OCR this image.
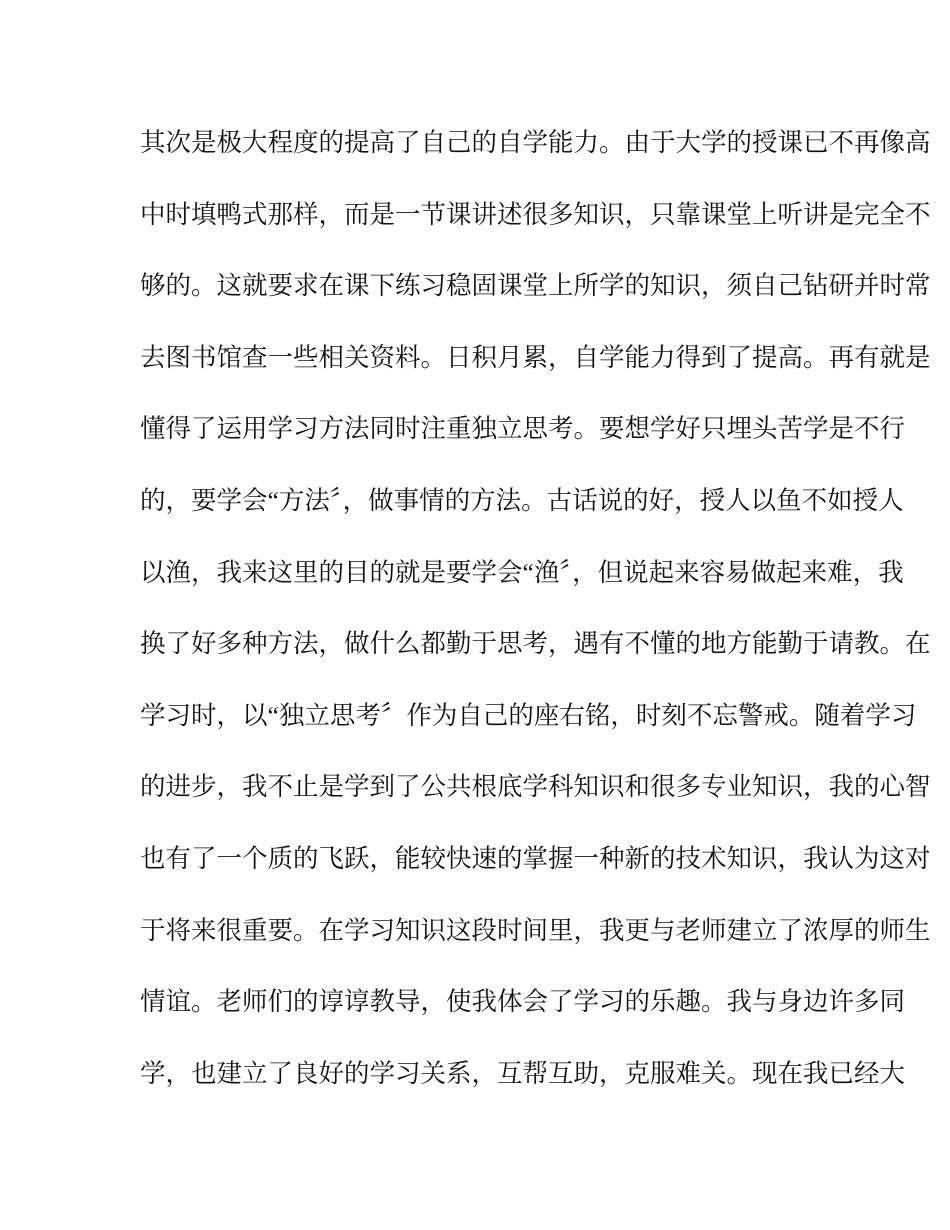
其次是极大程度的提高了自己的自学能力。由于大学的授课已不再像高
中时填鸭式那样，而是一节课讲述很多知识，只靠课堂上听讲是完全不
够的。这就要求在课下练习稳固课堂上所学的知识，须自己钻研并时常
去图书馆查一些相关资料。日积月累，自学能力得到了提高。再有就是
懂得了运用学习方法同时注重独立思考。要想学好只埋头苦学是不行
的，要学会“方法〞，做事情的方法。古话说的好，授人以鱼不如授人
以渔，我来这里的目的就是要学会“渔〞，但说起来容易做起来难，我
换了好多种方法，做什么都勤于思考，遇有不懂的地方能勤于请教。在
学习时，以“独立思考〞作为自己的座右铭，时刻不忘警戒。随着学习
的进步，我不止是学到了公共根底学科知识和很多专业知识，我的心智
也有了一个质的飞跃，能较快速的掌握一种新的技术知识，我认为这对
于将来很重要。在学习知识这段时间里，我更与老师建立了浓厚的师生
情谊。老师们的谆谆教导，使我体会了学习的乐趣。我与身边许多同
学，也建立了良好的学习关系，互帮互助，克服难关。现在我已经大
